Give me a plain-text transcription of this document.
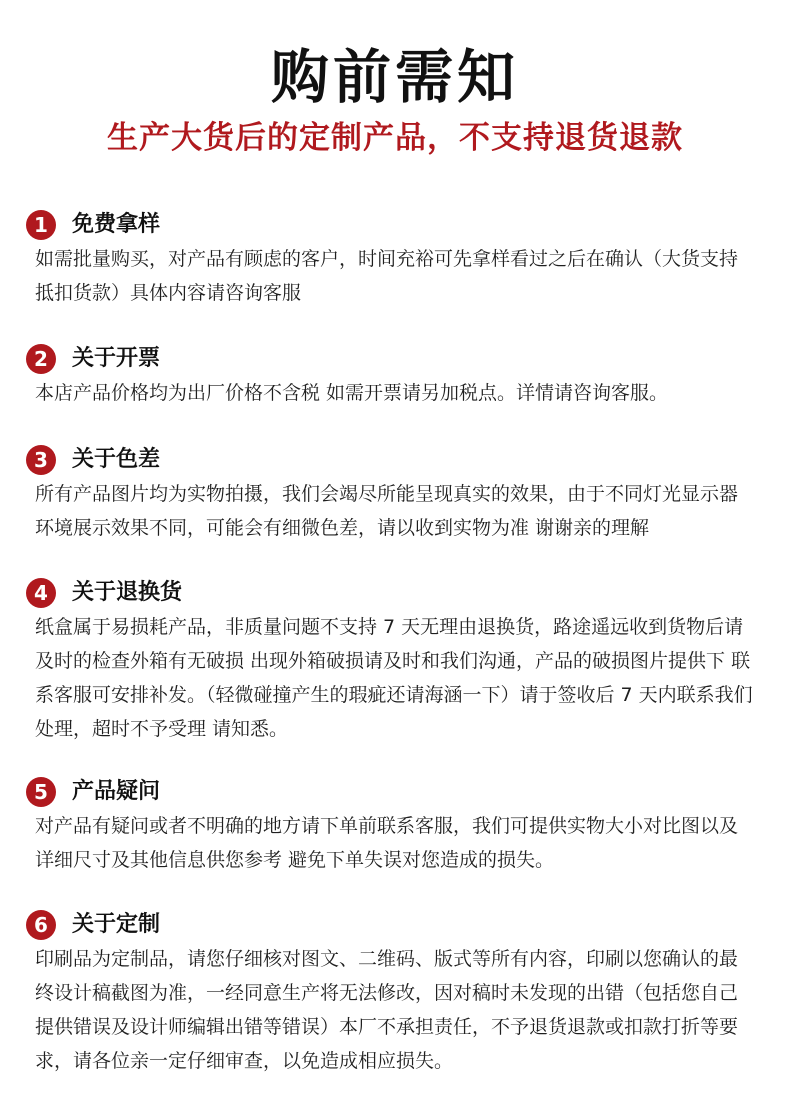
购前需知
生产大货后的定制产品，不支持退货退款
1	免费拿样

如需批量购买，对产品有顾虑的客户，时间充裕可先拿样看过之后在确认（大货支持抵扣货款）具体内容请咨询客服

2	关于开票

本店产品价格均为出厂价格不含税 如需开票请另加税点。详情请咨询客服。

3	关于色差

所有产品图片均为实物拍摄，我们会竭尽所能呈现真实的效果，由于不同灯光显示器环境展示效果不同，可能会有细微色差，请以收到实物为准 谢谢亲的理解

4	关于退换货

纸盒属于易损耗产品，非质量问题不支持 7 天无理由退换货，路途遥远收到货物后请及时的检查外箱有无破损 出现外箱破损请及时和我们沟通，产品的破损图片提供下 联系客服可安排补发。（轻微碰撞产生的瑕疵还请海涵一下）请于签收后 7 天内联系我们处理，超时不予受理 请知悉。

5	产品疑问

对产品有疑问或者不明确的地方请下单前联系客服，我们可提供实物大小对比图以及详细尺寸及其他信息供您参考 避免下单失误对您造成的损失。

6	关于定制

印刷品为定制品，请您仔细核对图文、二维码、版式等所有内容，印刷以您确认的最终设计稿截图为准，一经同意生产将无法修改，因对稿时未发现的出错（包括您自己提供错误及设计师编辑出错等错误）本厂不承担责任，不予退货退款或扣款打折等要求，请各位亲一定仔细审查，以免造成相应损失。
